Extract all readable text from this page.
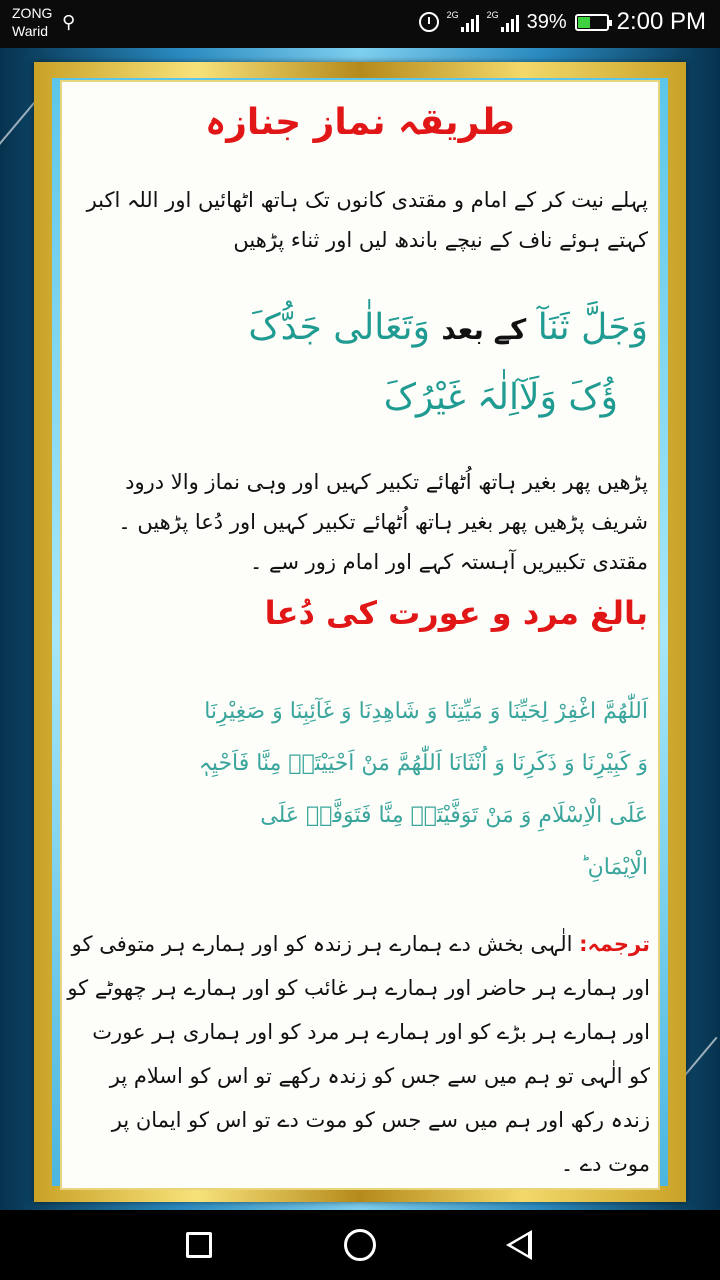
ZONG
Warid ⚲	2G	2G 39% 2:00 PM
طریقہ نماز جنازہ
پہلے نیت کر کے امام و مقتدی کانوں تک ہاتھ اٹھائیں اور اللہ اکبر کہتے ہوئے ناف کے نیچے باندھ لیں اور ثناء پڑھیں
وَجَلَّ ثَنَآ کے بعد وَتَعَالٰی جَدُّکَ
ؤُکَ وَلَآاِلٰہَ غَیْرُکَ
پڑھیں پھر بغیر ہاتھ اُٹھائے تکبیر کہیں اور وہی نماز والا درود شریف پڑھیں پھر بغیر ہاتھ اُٹھائے تکبیر کہیں اور دُعا پڑھیں ۔ مقتدی تکبیریں آہستہ کہے اور امام زور سے ۔
بالغ مرد و عورت کی دُعا
اَللّٰھُمَّ اغْفِرْ لِحَیِّنَا وَ مَیِّتِنَا وَ شَاھِدِنَا وَ غَآئِبِنَا وَ صَغِیْرِنَا
وَ کَبِیْرِنَا وَ ذَکَرِنَا وَ اُنْثَانَا اَللّٰھُمَّ مَنْ اَحْیَیْتَہٗ مِنَّا فَاَحْیِہٖ
عَلَی الْاِسْلَامِ وَ مَنْ تَوَفَّیْتَہٗ مِنَّا فَتَوَفَّہٗ عَلَی
الْاِیْمَانِ ؕ
ترجمہ: الٰہی بخش دے ہمارے ہر زندہ کو اور ہمارے ہر متوفی کو اور ہمارے ہر حاضر اور ہمارے ہر غائب کو اور ہمارے ہر چھوٹے کو اور ہمارے ہر بڑے کو اور ہمارے ہر مرد کو اور ہماری ہر عورت کو الٰہی تو ہم میں سے جس کو زندہ رکھے تو اس کو اسلام پر زندہ رکھ اور ہم میں سے جس کو موت دے تو اس کو ایمان پر موت دے ۔
